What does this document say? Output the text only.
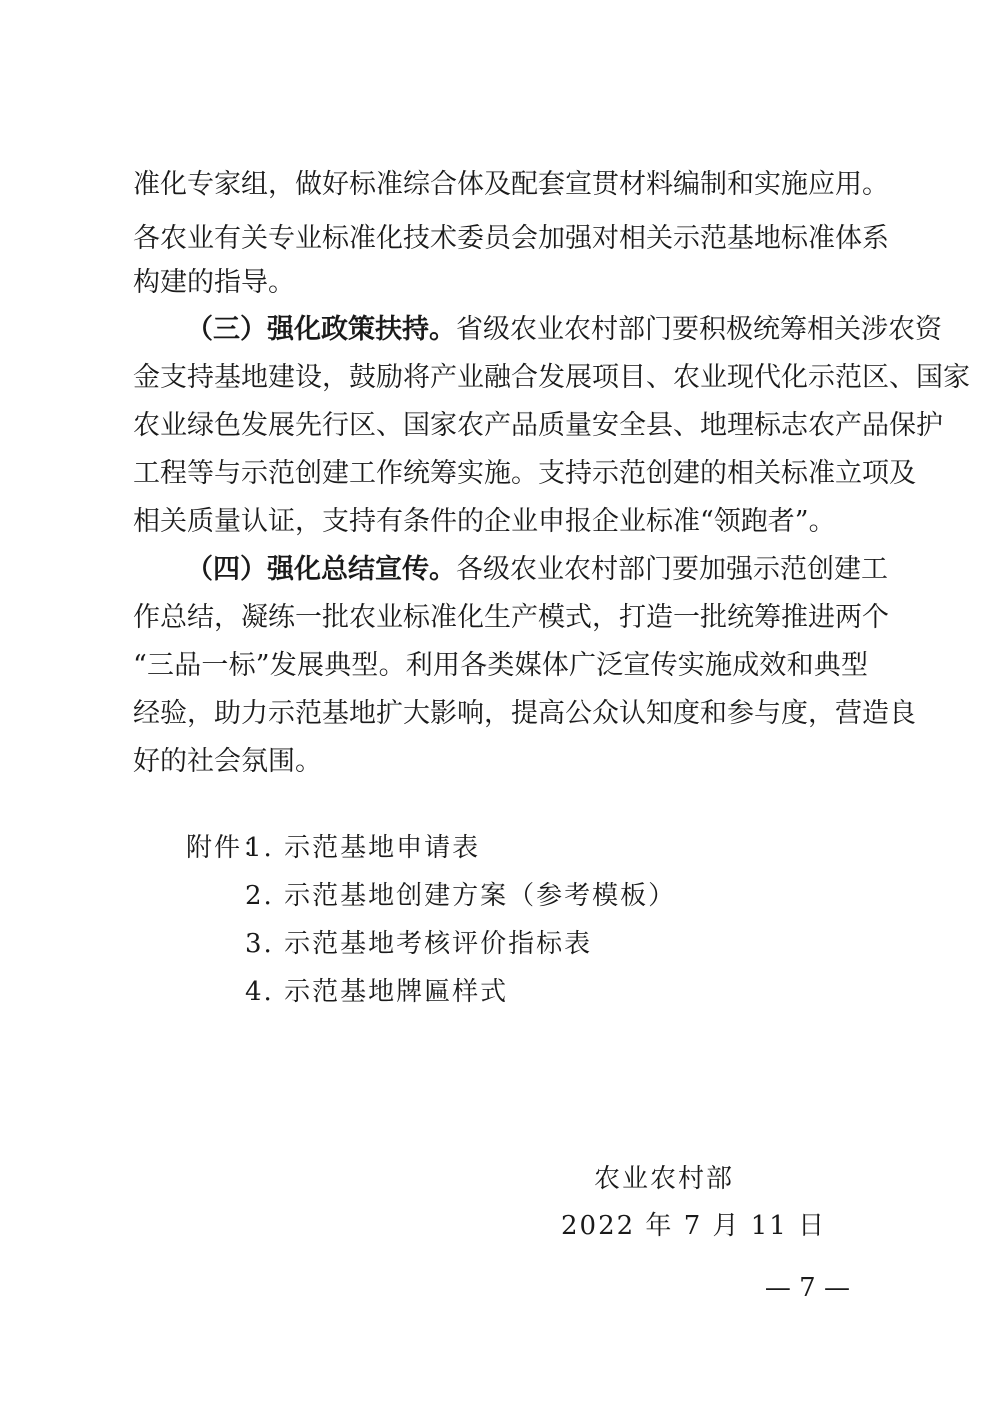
准化专家组，做好标准综合体及配套宣贯材料编制和实施应用。
各农业有关专业标准化技术委员会加强对相关示范基地标准体系
构建的指导。
（三）强化政策扶持。省级农业农村部门要积极统筹相关涉农资
金支持基地建设，鼓励将产业融合发展项目、农业现代化示范区、国家
农业绿色发展先行区、国家农产品质量安全县、地理标志农产品保护
工程等与示范创建工作统筹实施。支持示范创建的相关标准立项及
相关质量认证，支持有条件的企业申报企业标准“领跑者”。
（四）强化总结宣传。各级农业农村部门要加强示范创建工
作总结，凝练一批农业标准化生产模式，打造一批统筹推进两个
“三品一标”发展典型。利用各类媒体广泛宣传实施成效和典型
经验，助力示范基地扩大影响，提高公众认知度和参与度，营造良
好的社会氛围。
附件：
1. 示范基地申请表
2. 示范基地创建方案（参考模板）
3. 示范基地考核评价指标表
4. 示范基地牌匾样式
农业农村部
2022 年 7 月 11 日
— 7 —
